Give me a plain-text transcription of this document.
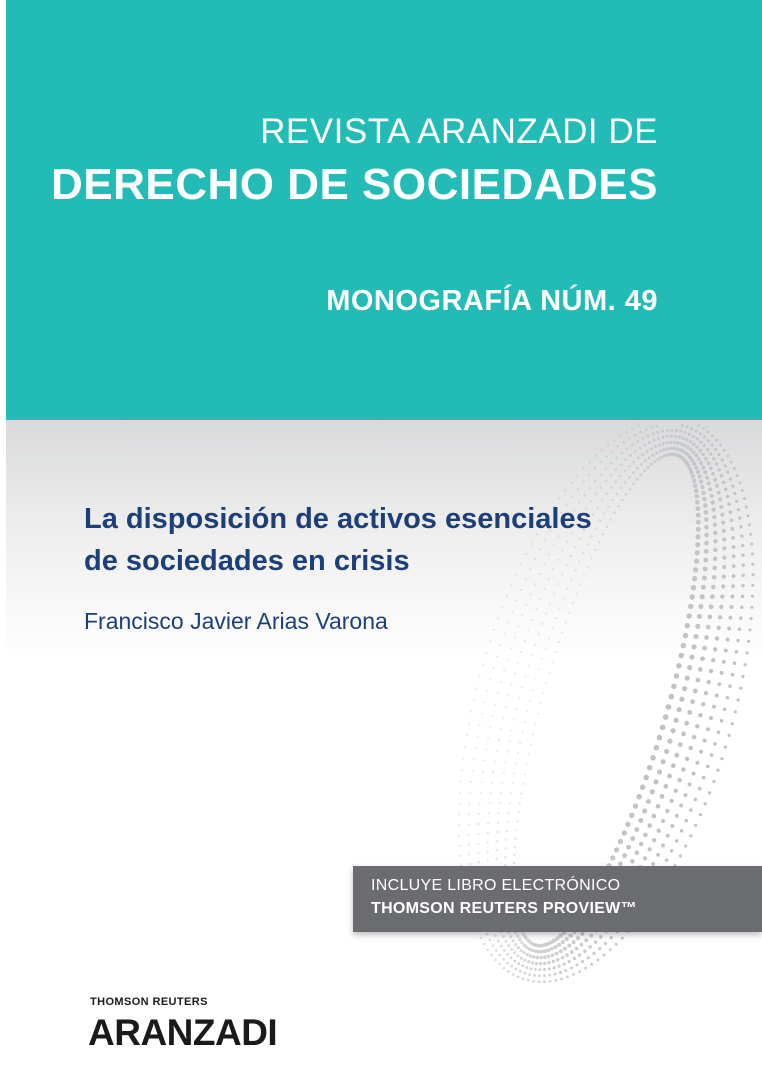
REVISTA ARANZADI DE
DERECHO DE SOCIEDADES
MONOGRAFÍA NÚM. 49
La disposición de activos esenciales
de sociedades en crisis
Francisco Javier Arias Varona
INCLUYE LIBRO ELECTRÓNICO
THOMSON REUTERS PROVIEW™
THOMSON REUTERS
ARANZADI
